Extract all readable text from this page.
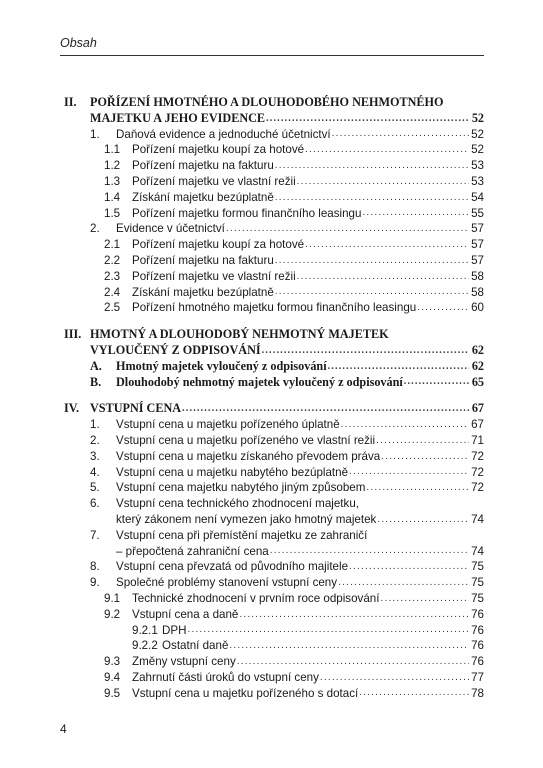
Obsah
II.	POŘÍZENÍ HMOTNÉHO A DLOUHODOBÉHO NEHMOTNÉHO
MAJETKU A JEHO EVIDENCE .....	52
1.	Daňová evidence a jednoduché účetnictví .....	52
1.1	Pořízení majetku koupí za hotové .....	52
1.2	Pořízení majetku na fakturu .....	53
1.3	Pořízení majetku ve vlastní režii .....	53
1.4	Získání majetku bezúplatně .....	54
1.5	Pořízení majetku formou finančního leasingu .....	55
2.	Evidence v účetnictví .....	57
2.1	Pořízení majetku koupí za hotové .....	57
2.2	Pořízení majetku na fakturu .....	57
2.3	Pořízení majetku ve vlastní režii .....	58
2.4	Získání majetku bezúplatně .....	58
2.5	Pořízení hmotného majetku formou finančního leasingu .....	60
III. HMOTNÝ A DLOUHODOBÝ NEHMOTNÝ MAJETEK
VYLOUČENÝ Z ODPISOVÁNÍ .....	62
A.	Hmotný majetek vyloučený z odpisování .....	62
B.	Dlouhodobý nehmotný majetek vyloučený z odpisování .....	65
IV. VSTUPNÍ CENA .....	67
1.	Vstupní cena u majetku pořízeného úplatně .....	67
2.	Vstupní cena u majetku pořízeného ve vlastní režii .....	71
3.	Vstupní cena u majetku získaného převodem práva .....	72
4.	Vstupní cena u majetku nabytého bezúplatně .....	72
5.	Vstupní cena majetku nabytého jiným způsobem .....	72
6.	Vstupní cena technického zhodnocení majetku,
který zákonem není vymezen jako hmotný majetek .....	74
7.	Vstupní cena při přemístění majetku ze zahraničí
– přepočtená zahraniční cena .....	74
8.	Vstupní cena převzatá od původního majitele .....	75
9.	Společné problémy stanovení vstupní ceny .....	75
9.1	Technické zhodnocení v prvním roce odpisování .....	75
9.2	Vstupní cena a daně .....	76
9.2.1 DPH .....	76
9.2.2 Ostatní daně .....	76
9.3	Změny vstupní ceny .....	76
9.4	Zahrnutí části úroků do vstupní ceny .....	77
9.5	Vstupní cena u majetku pořízeného s dotací .....	78
4
